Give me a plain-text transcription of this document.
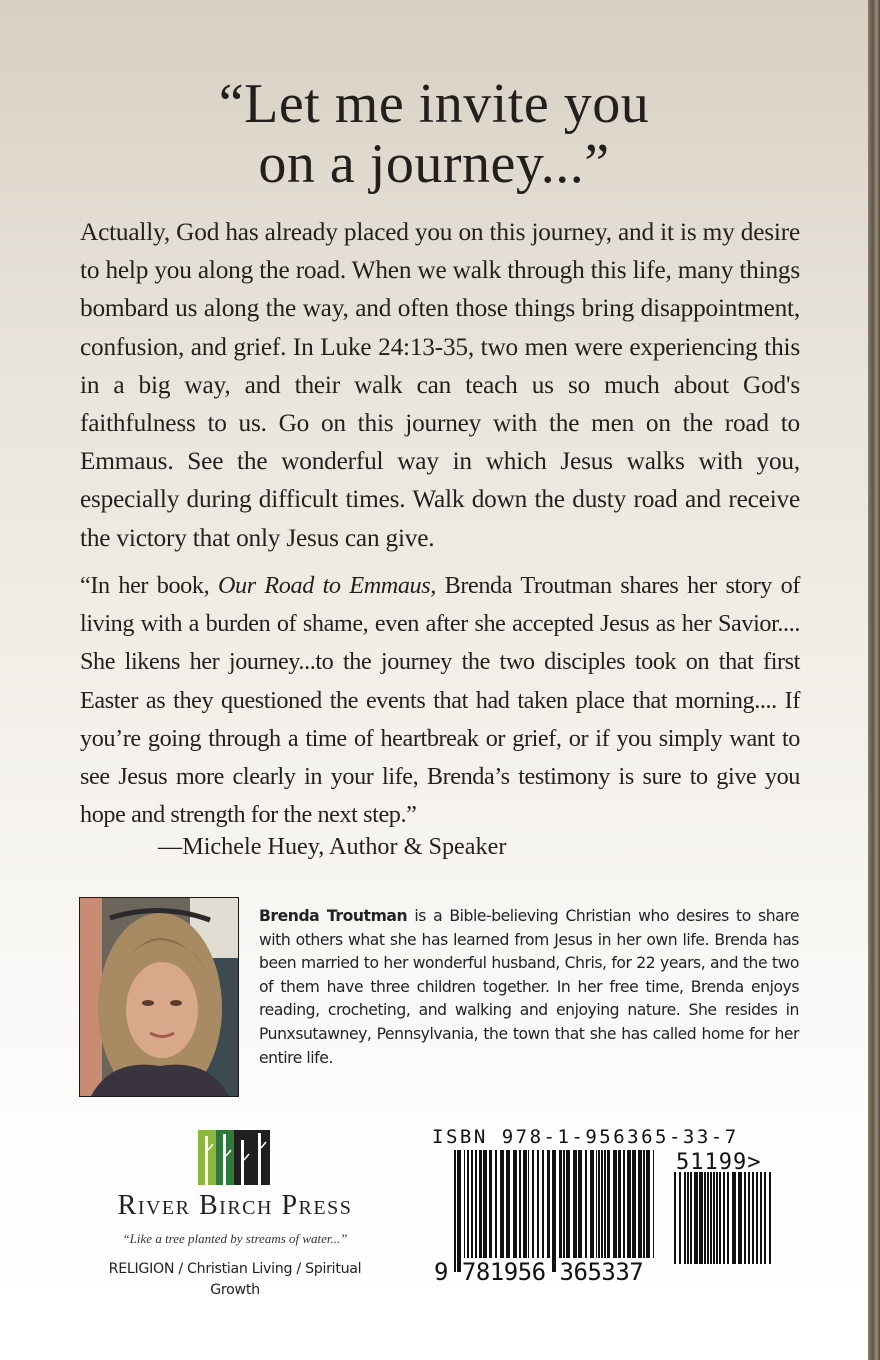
“Let me invite you
on a journey...”

Actually, God has already placed you on this journey, and it is my desire to help you along the road. When we walk through this life, many things bombard us along the way, and often those things bring disappointment, confusion, and grief. In Luke 24:13-35, two men were experiencing this in a big way, and their walk can teach us so much about God's faithfulness to us. Go on this journey with the men on the road to Emmaus. See the wonderful way in which Jesus walks with you, especially during difficult times. Walk down the dusty road and receive the victory that only Jesus can give.

“In her book, Our Road to Emmaus, Brenda Troutman shares her story of living with a burden of shame, even after she accepted Jesus as her Savior.... She likens her journey...to the journey the two disciples took on that first Easter as they questioned the events that had taken place that morning.... If you’re going through a time of heartbreak or grief, or if you simply want to see Jesus more clearly in your life, Brenda’s testimony is sure to give you hope and strength for the next step.”

—Michele Huey, Author & Speaker

Brenda Troutman is a Bible-believing Christian who desires to share with others what she has learned from Jesus in her own life. Brenda has been married to her wonderful husband, Chris, for 22 years, and the two of them have three children together. In her free time, Brenda enjoys reading, crocheting, and walking and enjoying nature. She resides in Punxsutawney, Pennsylvania, the town that she has called home for her entire life.

River Birch Press
“Like a tree planted by streams of water...”
RELIGION / Christian Living / Spiritual Growth
ISBN 978-1-956365-33-7
9 781956 365337
51199>
